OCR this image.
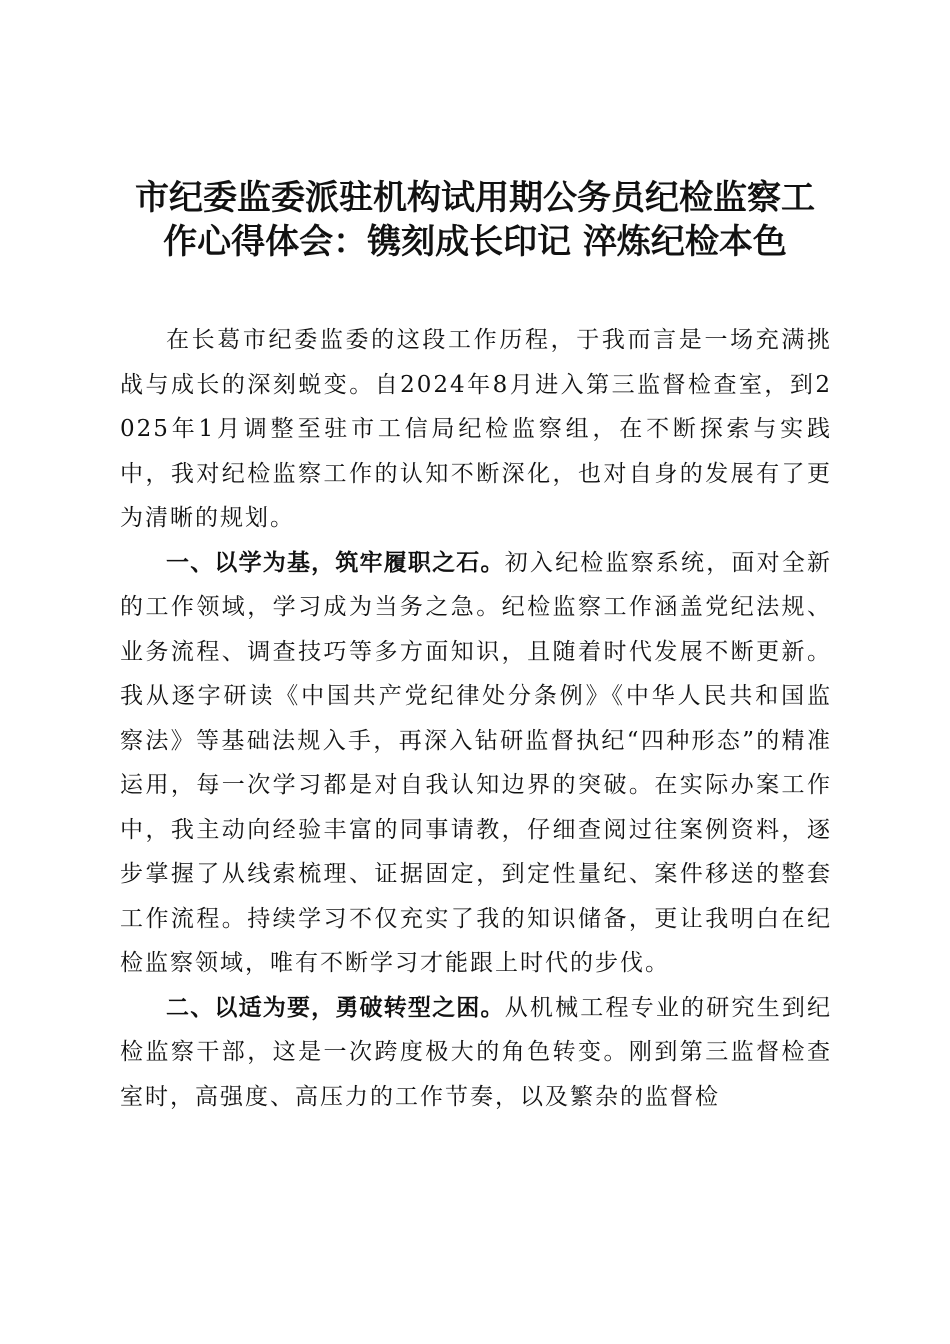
市纪委监委派驻机构试用期公务员纪检监察工
作心得体会：镌刻成长印记 淬炼纪检本色

在长葛市纪委监委的这段工作历程，于我而言是一场充满挑战与成长的深刻蜕变。自2024年8月进入第三监督检查室，到2025年1月调整至驻市工信局纪检监察组，在不断探索与实践中，我对纪检监察工作的认知不断深化，也对自身的发展有了更为清晰的规划。

一、以学为基，筑牢履职之石。初入纪检监察系统，面对全新的工作领域，学习成为当务之急。纪检监察工作涵盖党纪法规、业务流程、调查技巧等多方面知识，且随着时代发展不断更新。我从逐字研读《中国共产党纪律处分条例》《中华人民共和国监察法》等基础法规入手，再深入钻研监督执纪“四种形态”的精准运用，每一次学习都是对自我认知边界的突破。在实际办案工作中，我主动向经验丰富的同事请教，仔细查阅过往案例资料，逐步掌握了从线索梳理、证据固定，到定性量纪、案件移送的整套工作流程。持续学习不仅充实了我的知识储备，更让我明白在纪检监察领域，唯有不断学习才能跟上时代的步伐。

二、以适为要，勇破转型之困。从机械工程专业的研究生到纪检监察干部，这是一次跨度极大的角色转变。刚到第三监督检查室时，高强度、高压力的工作节奏，以及繁杂的监督检
